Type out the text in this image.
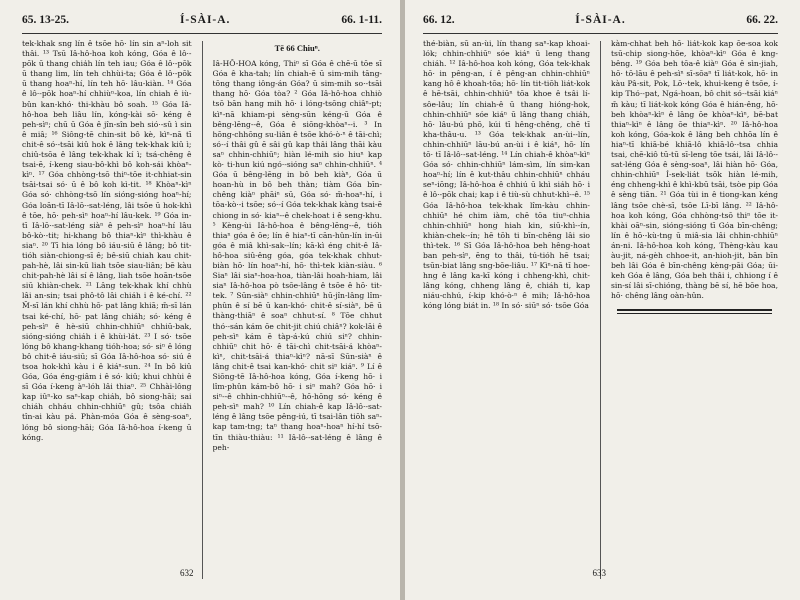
65. 13-25.	Í-SÀI-A.	66. 1-11.

tek-khak sng lín ê tsōe hō· lín sin aⁿ-loh sit thâi. ¹³ Tsū Iâ-hô-hoa koh kóng, Góa ê lô·-pōk ū thang chia̍h lín teh iau; Góa ê lô·-pōk ū thang lim, lín teh chhùi-ta; Góa ê lô·-pōk ū thang hoaⁿ-hí, lín teh hō· lâu-kiàn. ¹⁴ Góa ê lô·-pōk hoaⁿ-hí chhiùⁿ-koa, lín chiah ê iù-bûn kan-khó· thi-khàu bô soah. ¹⁵ Góa Iâ-hô-hoa beh liâu lín, kóng-kài sō· kéng ê peh-sìⁿ; chū ū Góa ê jîn-sîn beh sió·-sû ì sin ê miâ; ¹⁶ Siông-tē chin-sit bô kè, kìⁿ-nā tī chit-ê só·-tsāi kiû hok ê lâng tek-khak kiû ì; chiû-tsōa ê lâng tek-khak kí ì; tsá-chêng ê tsai-ē, í-keng siau-bô-khì bô koh-sái khòaⁿ-kìⁿ. ¹⁷ Góa chhòng-tsō thiⁿ-tōe it-chhiat-sin tsāi-tsai só· ū ê bô koh kì-tit. ¹⁸ Khòaⁿ-kìⁿ Góa só· chhòng-tsō lín sióng-sióng hoaⁿ-hí; Góa loān-tī Iâ-lō·-sat-léng, lâi tsōe ū hok-khì ê tōe, hō· peh-sìⁿ hoaⁿ-hí lâu-kek. ¹⁹ Góa in-tī Iâ-lō·-sat-léng siàⁿ ê peh-sìⁿ hoaⁿ-hí lâu bô-kò·-tit; hi-khang bô thiaⁿ-kìⁿ thì-khàu ê siaⁿ. ²⁰ Tī hia lóng bô iáu-siū ê lâng; bô tit-tióh siàn-chiong-sī ê; bê-siū chiah kau chit-pah-hè, lâi sin-kū liah tsōe siau-liân; bē kàu chit-pah-hè lâi sí ê lâng, liah tsōe hoān-tsōe siū khiàn-chek. ²¹ Lâng tek-khak khí chhù lâi an-sin; tsai phô-tô lâi chiáh i ê ké-chí. ²² M̄-sī lán khí chhù hō· pat lâng khiā; m̄-sī lán tsai ké-chí, hō· pat lâng chiáh; só· kéng ê peh-sìⁿ ê hè-siū chhin-chhiūⁿ chhiū-bak, sióng-sióng chiáh i ê khùi-lát. ²³ I só· tsōe lóng bô khang-khang tióh-hoa; só· siⁿ ê lóng bô chit-ê iáu-siū; sī Góa Iâ-hô-hoa só· siú ê tsoa hok-khì kàu i ê kiáⁿ-sun. ²⁴ In bô kiû Góa, Góa éng-giâm i ê só· kiû; khui chhùi ê sī Góa í-keng àⁿ-lóh lâi thiaⁿ. ²⁵ Chhài-lông kap iûⁿ-ko saⁿ-kap chiáh, bô siong-hāi; sai chiáh chháu chhin-chhiūⁿ gû; tsôa chiáh tîn-ai kàu pá. Phàn-móa Góa ê sèng-soaⁿ, lóng bô siong-hāi; Góa Iâ-hô-hoa í-keng ū kóng.

Tē 66 Chiuⁿ.

Iâ-HÔ-HOA kóng, Thiⁿ sī Góa ê chē-ū tōe sī Góa ê kha-tah; lín chiah-ē ū sim-mih tāng-tōng thang iông-án Góa? ū sim-mih so·-tsāi thang hō· Góa tòa? ² Góa Iâ-hô-hoa chhiò tsō bān hang mih hō· i lóng-tsōng chiâⁿ-pt; kìⁿ-nā khiam-pi sèng-sūn kéng-ū Góa ê bêng-lēng--ê, Góa ê siōng-khòaⁿ--i. ³ In hōng-chhōng su-liân ê tsōe khó-ò·ⁿ ê tāi-chì; só·-í thâi gû ē sâi gû kap thâi lâng thāi kàu saⁿ chhin-chhiūⁿ; hiàn lé-mih sio hiuⁿ kap kò· ti-hun kiú ngó·-sióng saⁿ chhin-chhiūⁿ. ⁴ Góa ū bêng-lēng in bô beh kiàⁿ, Góa ū hoan-hù in bô beh thàn; tiàm Góa bīn-chêng kiàⁿ phāiⁿ sū, Góa só· m̄-hoaⁿ-hí, i tōa-kò·-i tsōe; só·-í Góa tek-khak kàng tsai-ē chiong in só· kiaⁿ--ê chek-hoat i ê seng-khu. ⁵ Kèng-ùi Iâ-hô-hoa ê bêng-lēng--ê, tióh thiaⁿ góa ê ōe; lín ê hiaⁿ-tī cān-hûn-lín in-ūi góa ê miâ khì-sak--lín; kā-kì éng chit-ê Iâ-hô-hoa siû-êng góa, góa tek-khak chhut-biàn hō· lín hoaⁿ-hí, hō· thì-tek kiàn-siàu. ⁶ Siaⁿ lâi siaⁿ-hoa-hoa, tiàn-lâi hoah-hiam, lâi siaⁿ Iâ-hô-hoa pò tsōe-lâng ê tsōe ê hō· tit-tek. ⁷ Sūn-siàⁿ chhin-chhiūⁿ hū-jîn-lâng lîm-phûn ê sí bē ū kan-khó· chit-ê sí-siàⁿ, bē ū thàng-thiāⁿ ê soaⁿ chhut-sí. ⁸ Tōe chhut thó·-sán kám ōe chit-jit chiú chiâⁿ? kok-lāi ê peh-sìⁿ kám ē tàp-á-kú chiú siⁿ? chhin-chhiūⁿ chit hō· ê tāi-chì chit-tsāi-á khòaⁿ-kìⁿ, chit-tsāi-á thiaⁿ-kìⁿ? nā-sī Sūn-siàⁿ ê lâng chit-ê tsai kan-khó· chit siⁿ kiáⁿ. ⁹ Lí ê Siōng-tē Iâ-hô-hoa kóng, Góa í-keng hō· i lîm-phûn kám-bô hō· i siⁿ mah? Góa hō· i siⁿ--ê chhin-chhiūⁿ--ê, hō-hōng só· kéng ê peh-sìⁿ mah? ¹⁰ Lín chiah-ê kap Iâ-lô·-sat-léng ê lâng tsōe pêng-iú, tī tsai-lân tiōh saⁿ-kap tam-tng; taⁿ thang hoaⁿ-hoaⁿ hí-hí tsō-tīn thiàu-thiàu: ¹¹ Iâ-lô·-sat-léng ê lâng ê peh-

632
66. 12.	Í-SÀI-A.	66. 22.

thé-biàn, sū an-ùi, lín thang saⁿ-kap khoai-lók; chhin-chhiūⁿ sóe kiáⁿ ū leng thang chiáh. ¹² Iâ-hô-hoa koh kóng, Góa tek-khak hō· in pêng-an, í ê pêng-an chhin-chhiūⁿ kang hô ê khoah-tōa; hō· lín tit-tiōh liát-kok ê hē-tsāi, chhin-chhiūⁿ tōa khoe ê tsâi lí-sôe-lâu; lín chiah-ê ū thang hióng-hok, chhin-chhiūⁿ sóe kiáⁿ ū lâng thang chiáh, hō· lâu-bú phō, kúi tī hêng-chêng, chē tī kha-thâu-u. ¹³ Góa tek-khak an-ùi--lín, chhin-chhiūⁿ lāu-bú an-ùi i ê kiáⁿ, hō· lín tō· tī Iâ-lô·-sat-léng. ¹⁴ Lín chiah-ê khòaⁿ-kìⁿ Góa só· chhin-chhiūⁿ lám-sìm, lín sim-kan hoaⁿ-hí; lín ê kut-thâu chhin-chhiūⁿ chháu seⁿ-iōng; Iâ-hô-hoa ê chhiú ū khì siáh hō· i ê lô·-pōk chai; kap i ê tiù-sù chhut-khì--ê. ¹⁵ Góa Iâ-hô-hoa tek-khak lîm-kàu chhin-chhiūⁿ hé chim iàm, chē tōa tiuⁿ-chhia chhin-chhiūⁿ hong hiah kin, siū-khì--ín, khiàn-chek--ín; hē tōh ti bīn-chêng lâi sio thì-tek. ¹⁶ Sī Góa Iâ-hô-hoa beh hêng-hoat ban peh-sìⁿ, ēng to thâi, tú-tióh hē tsai; tsūn-biat lâng sng-bōe-liâu. ¹⁷ Kìⁿ-nā tī hoe-hng ê lâng ka-kī kóng i chheng-khì, chit-lâng kóng, chheng lâng ê, chiáh ti, kap niáu-chhú, í-kip khó-ò·ⁿ ê mih; Iâ-hô-hoa kóng lóng biát in. ¹⁸ In só· siūⁿ só· tsōe Góa

kàm-chhat beh hō· liát-kok kap ōe-soa kok tsū-chip siong-hōe, khòaⁿ-kìⁿ Góa ê kng-bêng. ¹⁹ Góa beh tōa-ê kiàⁿ Góa ê sìn-jiah, hō· tō-lāu ê peh-sìⁿ sī-sōaⁿ tī liát-kok, hō· in kàu Pâ-sit, Pok, Lō·-tek, khui-keng ê tsōe, í-kip Thó·-pat, Ngá-hoan, bô chit só·-tsāi kiáⁿ m̄ kàu; tī liát-kok kóng Góa ê hián-êng, hō· beh khòaⁿ-kìⁿ ê lâng ōe khòaⁿ-kìⁿ, bē-bat thiaⁿ-kìⁿ ê lâng ōe thiaⁿ-kìⁿ. ²⁰ Iâ-hô-hoa koh kóng, Góa-kok ê lâng beh chhōa lín ê hiaⁿ-tī khiā-bé khiā-lô khiā-lô·-tsa chhia tsai, chē-kiô tū-tū sī-leng tōe tsái, lâi Iâ-lô·-sat-léng Góa ê sèng-soaⁿ, lâi hiàn hō· Góa, chhin-chhiūⁿ Í-sek-liát tsōk hiàn lé-mih, éng chheng-khì ê khì-kbū tsāi, tsòe pip Góa ê sèng tiān. ²¹ Góa tùi in ê tiong-kan kéng lâng tsōe chè-sī, tsōe Lī-bī lâng. ²² Iâ-hô-hoa koh kóng, Góa chhòng-tsō thiⁿ tōe it-khài oāⁿ-sin, sióng-sióng tī Góa bīn-chêng; lín ê hō·-kù-tng ū miâ-sia lâi chhin-chhiūⁿ án-ni. Iâ-hô-hoa koh kóng, Thèng-kàu kau àu-jit, ná-gèh chhoe-it, an-hioh-jit, bān bīn beh lâi Góa ê bīn-chêng kèng-pāi Góa; ūi-keh Góa ê lâng, Góa beh thâi i, chhiong í ê sin-sí lâi sī-chióng, thàng bē sí, hē bōe hoa, hō· chêng lâng oàn-hûn.

633
